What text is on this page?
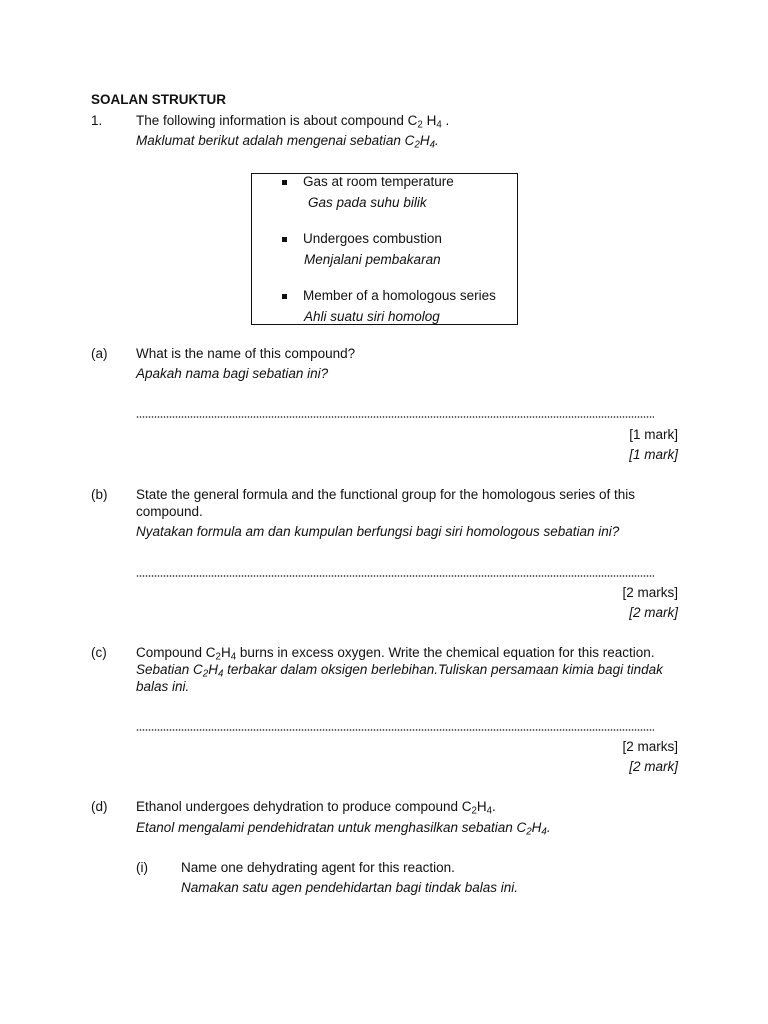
SOALAN STRUKTUR
1. The following information is about compound $C_2$ $H_4$ .
Maklumat berikut adalah mengenai sebatian $C_2H_4$.
Gas at room temperature
Gas pada suhu bilik
Undergoes combustion
Menjalani pembakaran
Member of a homologous series
Ahli suatu siri homolog
(a) What is the name of this compound?
Apakah nama bagi sebatian ini?
[1 mark]
[1 mark]
(b) State the general formula and the functional group for the homologous series of this
compound.
Nyatakan formula am dan kumpulan berfungsi bagi siri homologous sebatian ini?
[2 marks]
[2 mark]
(c) Compound $C_2H_4$ burns in excess oxygen. Write the chemical equation for this reaction.
Sebatian $C_2H_4$ terbakar dalam oksigen berlebihan.Tuliskan persamaan kimia bagi tindak
balas ini.
[2 marks]
[2 mark]
(d) Ethanol undergoes dehydration to produce compound $C_2H_4$.
Etanol mengalami pendehidratan untuk menghasilkan sebatian $C_2H_4$.
(i) Name one dehydrating agent for this reaction.
Namakan satu agen pendehidartan bagi tindak balas ini.
